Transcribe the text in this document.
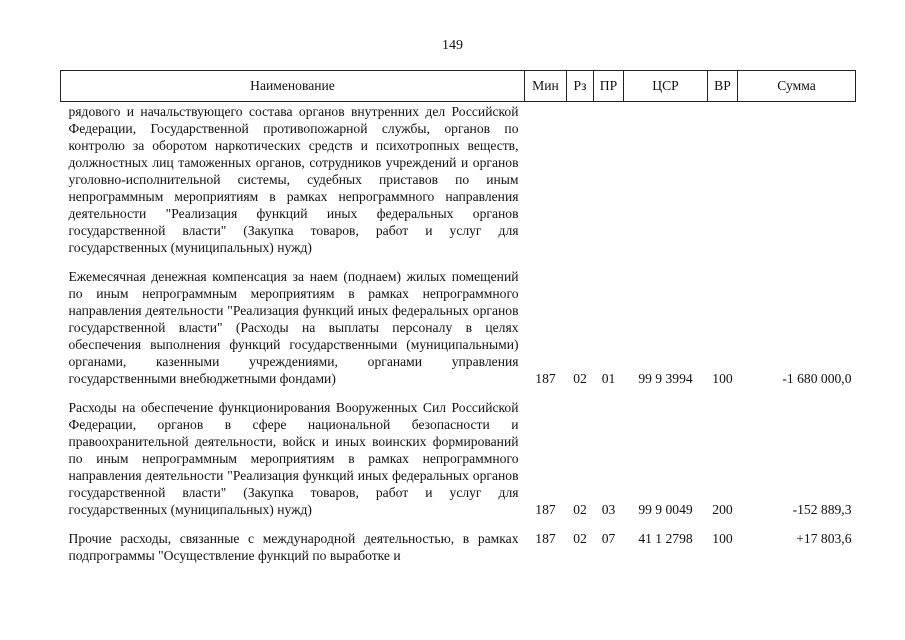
149
Наименование	Мин	Рз	ПР	ЦСР	ВР	Сумма
рядового и начальствующего состава органов внутренних дел Российской Федерации, Государственной противопожарной службы, органов по контролю за оборотом наркотических средств и психотропных веществ, должностных лиц таможенных органов, сотрудников учреждений и органов уголовно-исполнительной системы, судебных приставов по иным непрограммным мероприятиям в рамках непрограммного направления деятельности "Реализация функций иных федеральных органов государственной власти" (Закупка товаров, работ и услуг для государственных (муниципальных) нужд)						

Ежемесячная денежная компенсация за наем (поднаем) жилых помещений по иным непрограммным мероприятиям в рамках непрограммного направления деятельности "Реализация функций иных федеральных органов государственной власти" (Расходы на выплаты персоналу в целях обеспечения выполнения функций государственными (муниципальными) органами, казенными учреждениями, органами управления государственными внебюджетными фондами)	187	02	01	99 9 3994	100	-1 680 000,0

Расходы на обеспечение функционирования Вооруженных Сил Российской Федерации, органов в сфере национальной безопасности и правоохранительной деятельности, войск и иных воинских формирований по иным непрограммным мероприятиям в рамках непрограммного направления деятельности "Реализация функций иных федеральных органов государственной власти" (Закупка товаров, работ и услуг для государственных (муниципальных) нужд)	187	02	03	99 9 0049	200	-152 889,3

Прочие расходы, связанные с международной деятельностью, в рамках подпрограммы "Осуществление функций по выработке и	187	02	07	41 1 2798	100	+17 803,6
